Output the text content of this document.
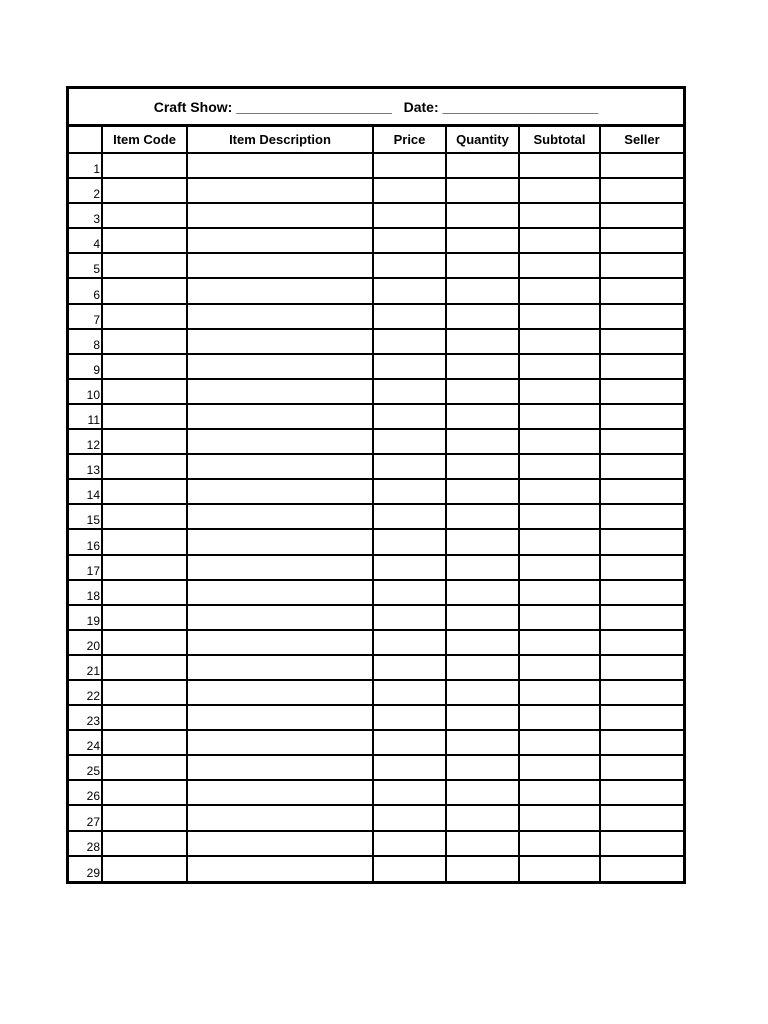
Craft Show:
____________________
Date:
____________________
	Item Code	Item Description	Price	Quantity	Subtotal	Seller
1						
2						
3						
4						
5						
6						
7						
8						
9						
10						
11						
12						
13						
14						
15						
16						
17						
18						
19						
20						
21						
22						
23						
24						
25						
26						
27						
28						
29						
